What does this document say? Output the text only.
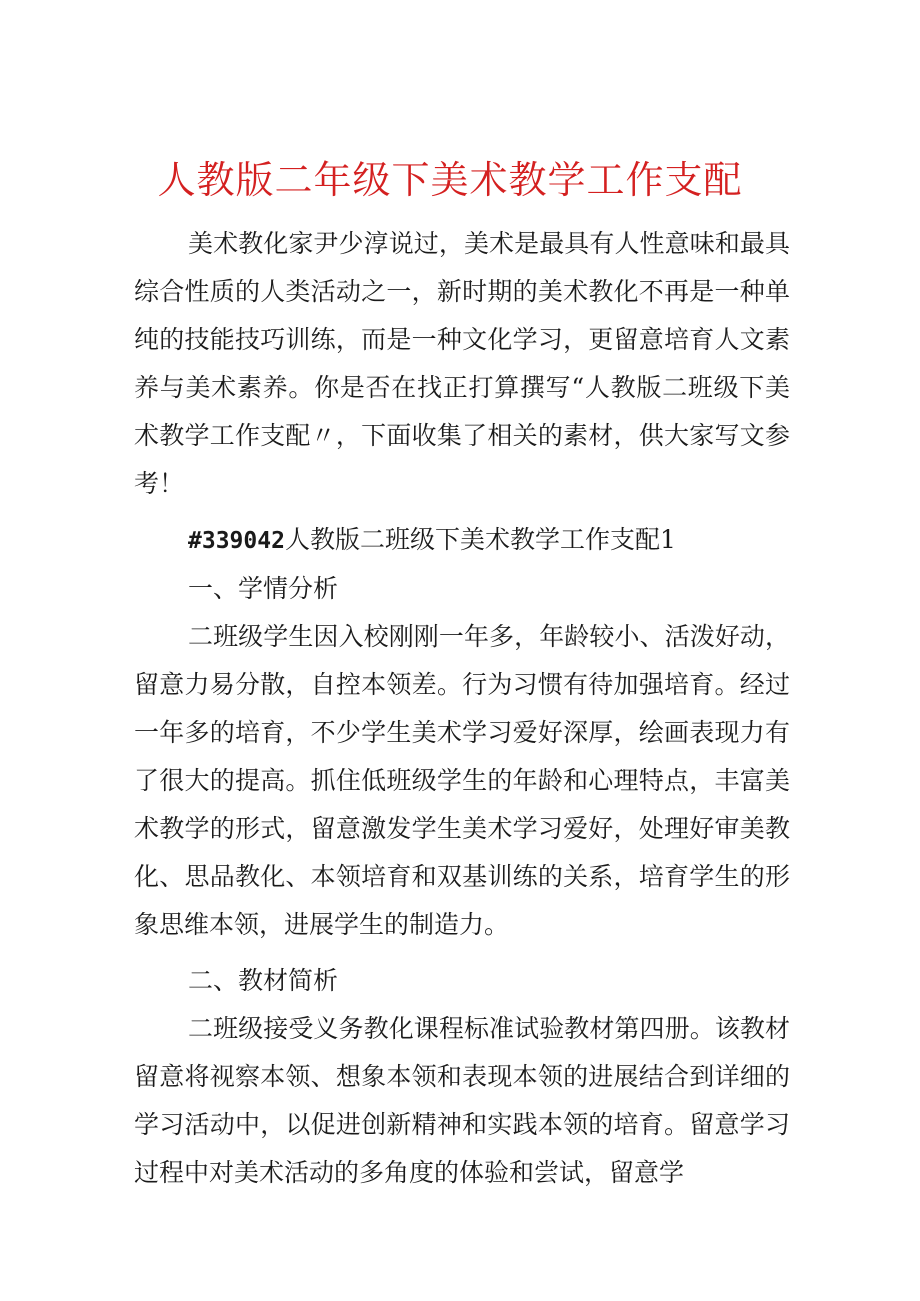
人教版二年级下美术教学工作支配

美术教化家尹少淳说过，美术是最具有人性意味和最具综合性质的人类活动之一，新时期的美术教化不再是一种单纯的技能技巧训练，而是一种文化学习，更留意培育人文素养与美术素养。你是否在找正打算撰写“人教版二班级下美术教学工作支配〃，下面收集了相关的素材，供大家写文参考！

#339042人教版二班级下美术教学工作支配1

一、学情分析

二班级学生因入校刚刚一年多，年龄较小、活泼好动，留意力易分散，自控本领差。行为习惯有待加强培育。经过一年多的培育，不少学生美术学习爱好深厚，绘画表现力有了很大的提高。抓住低班级学生的年龄和心理特点，丰富美术教学的形式，留意激发学生美术学习爱好，处理好审美教化、思品教化、本领培育和双基训练的关系，培育学生的形象思维本领，进展学生的制造力。

二、教材简析

二班级接受义务教化课程标准试验教材第四册。该教材留意将视察本领、想象本领和表现本领的进展结合到详细的学习活动中，以促进创新精神和实践本领的培育。留意学习过程中对美术活动的多角度的体验和尝试，留意学
